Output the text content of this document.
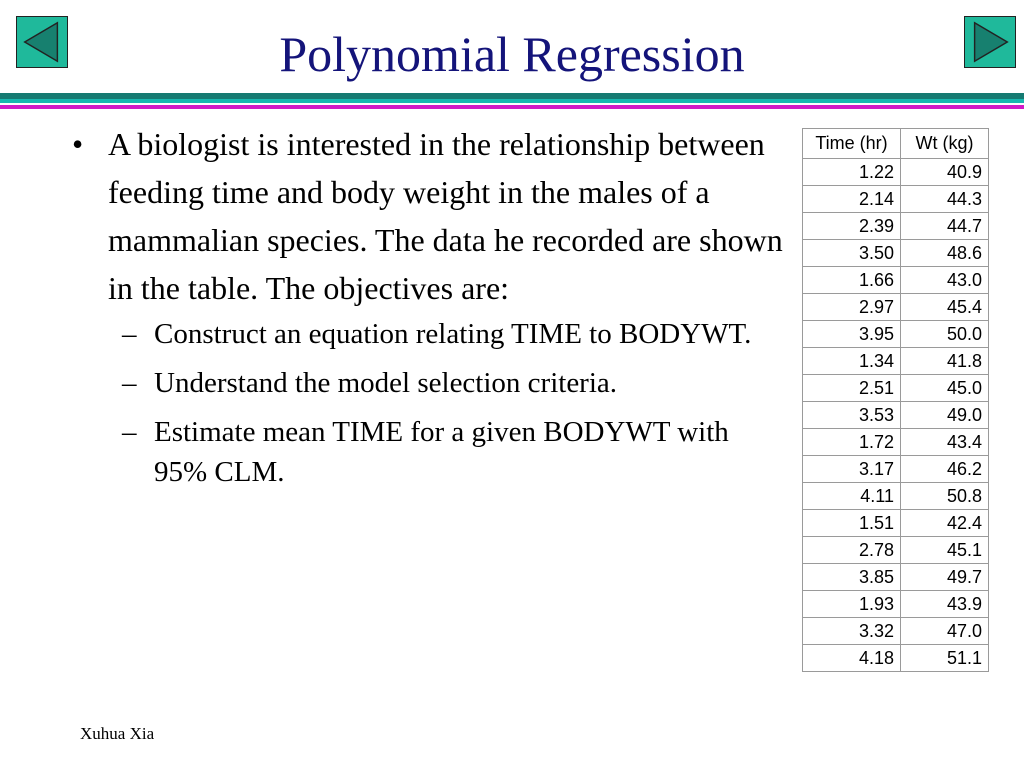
Polynomial Regression
• A biologist is interested in the relationship between feeding time and body weight in the males of a mammalian species. The data he recorded are shown in the table. The objectives are:
– Construct an equation relating TIME to BODYWT.
– Understand the model selection criteria.
– Estimate mean TIME for a given BODYWT with 95% CLM.
Time (hr)	Wt (kg)
1.22	40.9
2.14	44.3
2.39	44.7
3.50	48.6
1.66	43.0
2.97	45.4
3.95	50.0
1.34	41.8
2.51	45.0
3.53	49.0
1.72	43.4
3.17	46.2
4.11	50.8
1.51	42.4
2.78	45.1
3.85	49.7
1.93	43.9
3.32	47.0
4.18	51.1
Xuhua Xia
